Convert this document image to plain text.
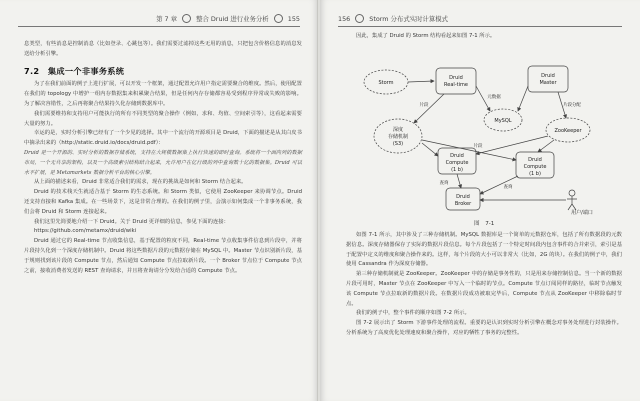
第 7 章	整合 Druid 进行业务分析	155

息类型，有些消息是控制消息（比如登录、心跳包等）。我们需要过滤掉这些无用的消息，只把包含价格信息的消息发送给分析引擎。

7.2　集成一个非事务系统

为了在我们前面的例子上进行扩展，可以开发一个框架，通过配置允许用户指定需要聚合的维度。然后，使用配置在我们的 topology 中增护一组内存数据集来积累聚合结果，但是任何内存存储都容易受到程序异常或失败的影响。为了解决容错性，之后再将聚合结果持久化存储到数据库中。

我们需要维持和支持用户可能执行的所有不同类型的聚合操作（例如，求和、均值、空间索引等），这看起来需要大量的努力。

幸运的是，实时分析引擎已经有了一个少见的选择。其中一个流行的开源项目是 Druid，下面的描述是从其白皮书中摘录出来的（http://static.druid.io/docs/druid.pdf）：

Druid 是一个开源的、实时分析的数据存储系统，支持在大规模数据集上执行快速的即时查询。系统将一个面向列的数据布局，一个无共享的架构，以及一个高级索引结构结合起来，允许用户在亿行级的列中查询数十亿的数据集。Druid 可以水平扩展，是 Metamarkets 数据分析平台的核心引擎。

从上面的描述来看，Druid 非常适合我们的需求，现在的挑战是如何和 Storm 结合起来。

Druid 的技术栈天生就适合基于 Storm 的生态系统。和 Storm 类似，它使用 ZooKeeper 来协调节点。Druid 还支持直接和 Kafka 集成。在一些场景下，这是非常合理的。在我们的例子里，会演示如何集成一个非事务系统，我们会将 Druid 和 Storm 连接起来。

我们这里先简要地介绍一下 Druid。关于 Druid 更详细的信息，参见下面的连接：

https://github.com/metamx/druid/wiki

Druid 通过它的 Real-time 节点收集信息，基于配置的粒度不同，Real-time 节点收集事件信息到片段中，并将片段持久化到一个深度存储机制中。Druid 将这些数据片段的元数据存储在 MySQL 中。Master 节点识别新片段，基于规则找到该片段的 Compute 节点，然后通知 Compute 节点拉取新片段。一个 Broker 节点位于 Compute 节点之前，接收消费者发送的 REST 查询请求，并且将查询请分分发给合适的 Compute 节点。

156	Storm 分布式实时计算模式

因此，集成了 Druid 的 Storm 结构看起来如图 7-1 所示。

Storm
Druid
Real-time
Druid
Master
深度
存储机制
(S3)
MySQL
ZooKeeper
Druid
Compute
(1 b)
Druid
Compute
(1 b)
Druid
Broker
用户/端口
片段
元数据
片段分配
片段
查询
查询
图　7-1

如图 7-1 所示，其中涉及了三种存储机制。MySQL 数据库是一个简单的元数据仓库，包括了所有数据段的元数据信息。深度存储器保存了实际的数据片段信息。每个片段包括了一个特定时间段内包含事件的合并索引，索引是基于配置中定义的维度和聚合操作来的。这样，每个片段的大小可以非常大（比如，2G 的块）。在我们的例子中，我们使用 Cassandra 作为深度存储器。

第三种存储机制就是 ZooKeeper。ZooKeeper 中的存储是事务性的，只是用来存储控制信息。当一个新的数据片段可用时，Master 节点在 ZooKeeper 中写入一个临时的节点。Compute 节点订阅同样的路径，临时节点触发该 Compute 节点拉取新的数据片段。在数据片段成功被取完毕后，Compute 节点从 ZooKeeper 中移除临时节点。

我们的例子中，整个事件的顺序如图 7-2 所示。

图 7-2 展示出了 Storm 下游事件处理的流程。重要的是认识到实时分析引擎在概念对事务处理进行封装操作。分析系统为了高度优化处理速度和聚合操作，对应的牺牲了事务的完整性。
